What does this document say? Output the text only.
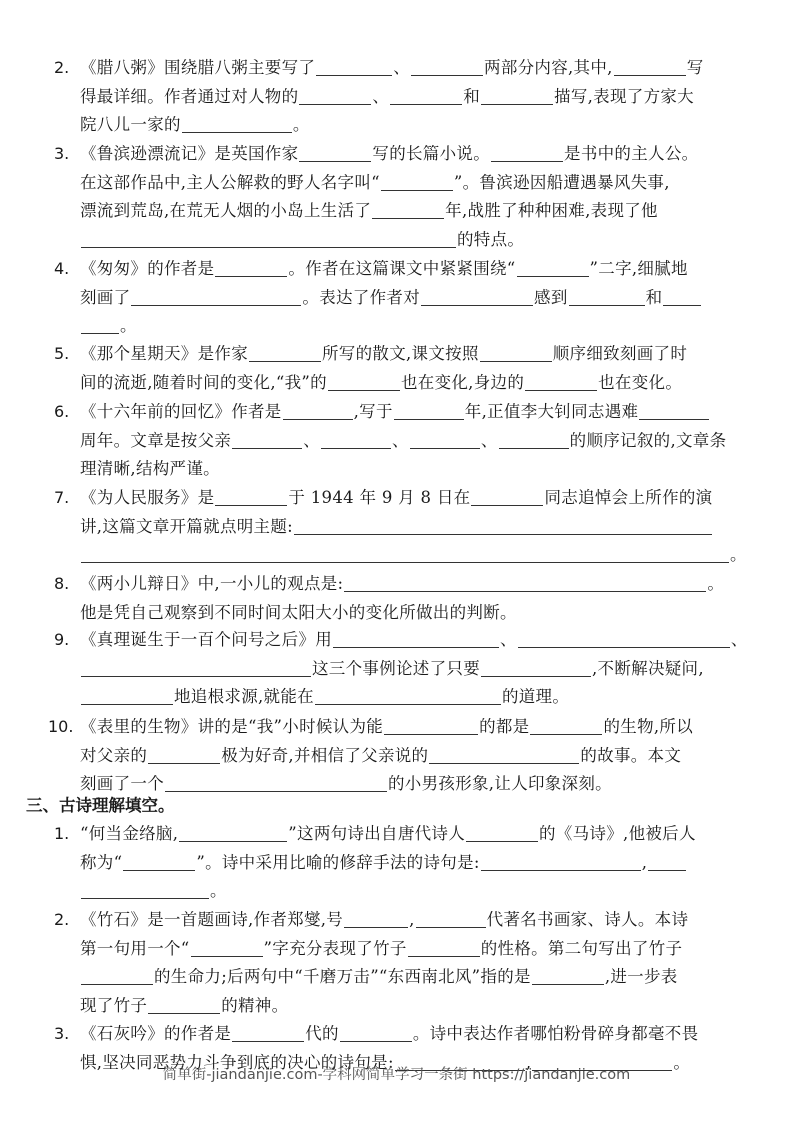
2. 《腊八粥》围绕腊八粥主要写了	、	两部分内容,其中,	写
得最详细。作者通过对人物的	、	和	描写,表现了方家大
院八儿一家的	。
3. 《鲁滨逊漂流记》是英国作家	写的长篇小说。	是书中的主人公。
在这部作品中,主人公解救的野人名字叫“	”。鲁滨逊因船遭遇暴风失事,
漂流到荒岛,在荒无人烟的小岛上生活了	年,战胜了种种困难,表现了他
的特点。
4. 《匆匆》的作者是	。作者在这篇课文中紧紧围绕“	”二字,细腻地
刻画了	。表达了作者对	感到	和
。
5. 《那个星期天》是作家	所写的散文,课文按照	顺序细致刻画了时
间的流逝,随着时间的变化,“我”的	也在变化,身边的	也在变化。
6. 《十六年前的回忆》作者是	,写于	年,正值李大钊同志遇难
周年。文章是按父亲	、	、	、	的顺序记叙的,文章条
理清晰,结构严谨。
7. 《为人民服务》是	于 1944 年 9 月 8 日在	同志追悼会上所作的演
讲,这篇文章开篇就点明主题:
。
8. 《两小儿辩日》中,一小儿的观点是:	。
他是凭自己观察到不同时间太阳大小的变化所做出的判断。
9. 《真理诞生于一百个问号之后》用	、	、
这三个事例论述了只要	,不断解决疑问,
地追根求源,就能在	的道理。
10. 《表里的生物》讲的是“我”小时候认为能	的都是	的生物,所以
对父亲的	极为好奇,并相信了父亲说的	的故事。本文
刻画了一个	的小男孩形象,让人印象深刻。
三、古诗理解填空。
1. “何当金络脑,	”这两句诗出自唐代诗人	的《马诗》,他被后人
称为“	”。诗中采用比喻的修辞手法的诗句是:	,
。
2. 《竹石》是一首题画诗,作者郑燮,号	,	代著名书画家、诗人。本诗
第一句用一个“	”字充分表现了竹子	的性格。第二句写出了竹子
的生命力;后两句中“千磨万击”“东西南北风”指的是	,进一步表
现了竹子	的精神。
3. 《石灰吟》的作者是	代的	。诗中表达作者哪怕粉骨碎身都毫不畏
惧,坚决同恶势力斗争到底的决心的诗句是:	,	。
简单街-jiandanjie.com-学科网简单学习一条街 https://jiandanjie.com
